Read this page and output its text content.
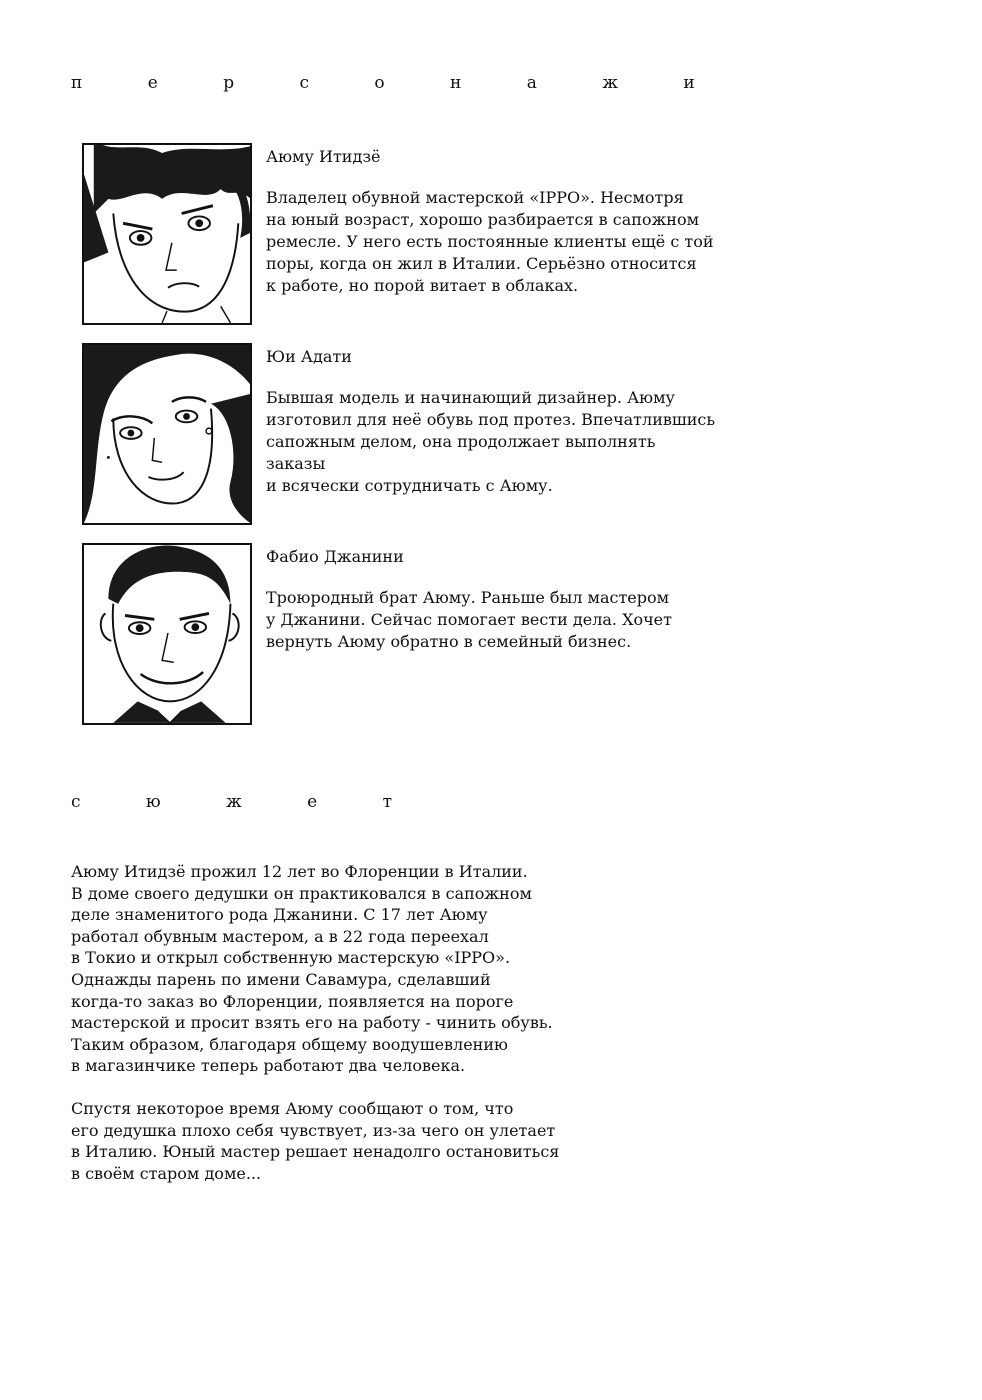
п е р с о н а ж и
Аюму Итидзё
Владелец обувной мастерской «IPPO». Несмотря
на юный возраст, хорошо разбирается в сапожном
ремесле. У него есть постоянные клиенты ещё с той
поры, когда он жил в Италии. Серьёзно относится
к работе, но порой витает в облаках.
Юи Адати
Бывшая модель и начинающий дизайнер. Аюму
изготовил для неё обувь под протез. Впечатлившись
сапожным делом, она продолжает выполнять заказы
и всячески сотрудничать с Аюму.
Фабио Джанини
Троюродный брат Аюму. Раньше был мастером
у Джанини. Сейчас помогает вести дела. Хочет
вернуть Аюму обратно в семейный бизнес.
с ю ж е т

Аюму Итидзё прожил 12 лет во Флоренции в Италии.
В доме своего дедушки он практиковался в сапожном
деле знаменитого рода Джанини. С 17 лет Аюму
работал обувным мастером, а в 22 года переехал
в Токио и открыл собственную мастерскую «IPPO».
Однажды парень по имени Савамура, сделавший
когда-то заказ во Флоренции, появляется на пороге
мастерской и просит взять его на работу - чинить обувь.
Таким образом, благодаря общему воодушевлению
в магазинчике теперь работают два человека.

Спустя некоторое время Аюму сообщают о том, что
его дедушка плохо себя чувствует, из-за чего он улетает
в Италию. Юный мастер решает ненадолго остановиться
в своём старом доме...
